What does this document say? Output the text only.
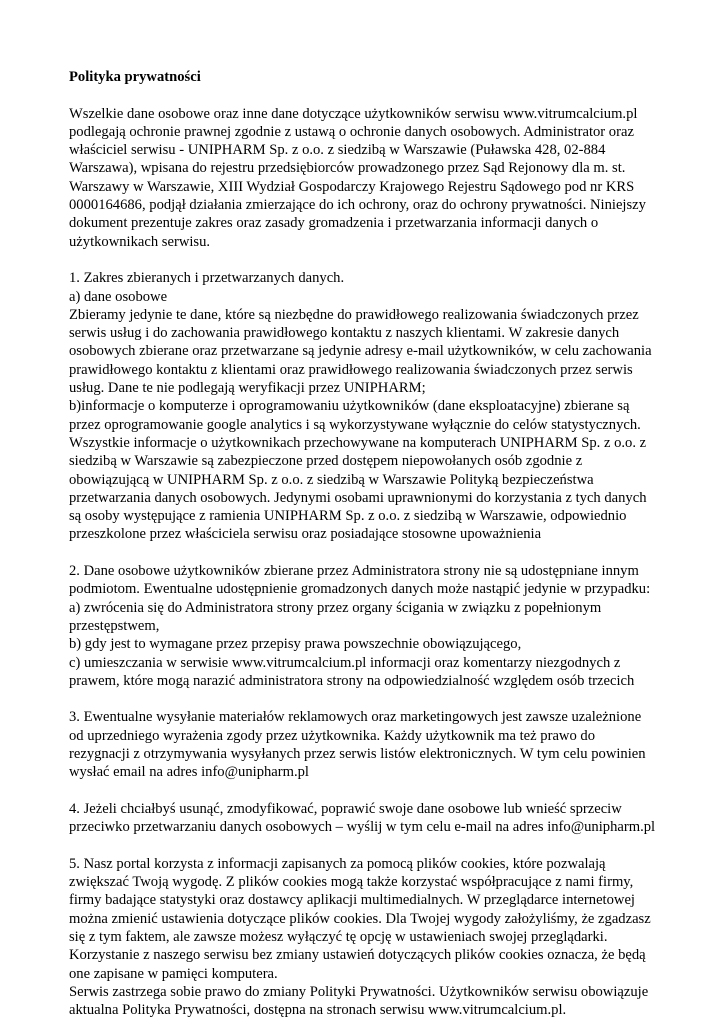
Polityka prywatności
Wszelkie dane osobowe oraz inne dane dotyczące użytkowników serwisu www.vitrumcalcium.pl
podlegają ochronie prawnej zgodnie z ustawą o ochronie danych osobowych. Administrator oraz
właściciel serwisu - UNIPHARM Sp. z o.o. z siedzibą w Warszawie (Puławska 428, 02-884
Warszawa), wpisana do rejestru przedsiębiorców prowadzonego przez Sąd Rejonowy dla m. st.
Warszawy w Warszawie, XIII Wydział Gospodarczy Krajowego Rejestru Sądowego pod nr KRS
0000164686, podjął działania zmierzające do ich ochrony, oraz do ochrony prywatności. Niniejszy
dokument prezentuje zakres oraz zasady gromadzenia i przetwarzania informacji danych o
użytkownikach serwisu.
1. Zakres zbieranych i przetwarzanych danych.
a) dane osobowe
Zbieramy jedynie te dane, które są niezbędne do prawidłowego realizowania świadczonych przez
serwis usług i do zachowania prawidłowego kontaktu z naszych klientami. W zakresie danych
osobowych zbierane oraz przetwarzane są jedynie adresy e-mail użytkowników, w celu zachowania
prawidłowego kontaktu z klientami oraz prawidłowego realizowania świadczonych przez serwis
usług. Dane te nie podlegają weryfikacji przez UNIPHARM;
b)informacje o komputerze i oprogramowaniu użytkowników (dane eksploatacyjne) zbierane są
przez oprogramowanie google analytics i są wykorzystywane wyłącznie do celów statystycznych.
Wszystkie informacje o użytkownikach przechowywane na komputerach UNIPHARM Sp. z o.o. z
siedzibą w Warszawie są zabezpieczone przed dostępem niepowołanych osób zgodnie z
obowiązującą w UNIPHARM Sp. z o.o. z siedzibą w Warszawie Polityką bezpieczeństwa
przetwarzania danych osobowych. Jedynymi osobami uprawnionymi do korzystania z tych danych
są osoby występujące z ramienia UNIPHARM Sp. z o.o. z siedzibą w Warszawie, odpowiednio
przeszkolone przez właściciela serwisu oraz posiadające stosowne upoważnienia
2. Dane osobowe użytkowników zbierane przez Administratora strony nie są udostępniane innym
podmiotom. Ewentualne udostępnienie gromadzonych danych może nastąpić jedynie w przypadku:
a) zwrócenia się do Administratora strony przez organy ścigania w związku z popełnionym
przestępstwem,
b) gdy jest to wymagane przez przepisy prawa powszechnie obowiązującego,
c) umieszczania w serwisie www.vitrumcalcium.pl informacji oraz komentarzy niezgodnych z
prawem, które mogą narazić administratora strony na odpowiedzialność względem osób trzecich
3. Ewentualne wysyłanie materiałów reklamowych oraz marketingowych jest zawsze uzależnione
od uprzedniego wyrażenia zgody przez użytkownika. Każdy użytkownik ma też prawo do
rezygnacji z otrzymywania wysyłanych przez serwis listów elektronicznych. W tym celu powinien
wysłać email na adres info@unipharm.pl
4. Jeżeli chciałbyś usunąć, zmodyfikować, poprawić swoje dane osobowe lub wnieść sprzeciw
przeciwko przetwarzaniu danych osobowych – wyślij w tym celu e-mail na adres info@unipharm.pl
5. Nasz portal korzysta z informacji zapisanych za pomocą plików cookies, które pozwalają
zwiększać Twoją wygodę. Z plików cookies mogą także korzystać współpracujące z nami firmy,
firmy badające statystyki oraz dostawcy aplikacji multimedialnych. W przeglądarce internetowej
można zmienić ustawienia dotyczące plików cookies. Dla Twojej wygody założyliśmy, że zgadzasz
się z tym faktem, ale zawsze możesz wyłączyć tę opcję w ustawieniach swojej przeglądarki.
Korzystanie z naszego serwisu bez zmiany ustawień dotyczących plików cookies oznacza, że będą
one zapisane w pamięci komputera.
Serwis zastrzega sobie prawo do zmiany Polityki Prywatności. Użytkowników serwisu obowiązuje
aktualna Polityka Prywatności, dostępna na stronach serwisu www.vitrumcalcium.pl.
